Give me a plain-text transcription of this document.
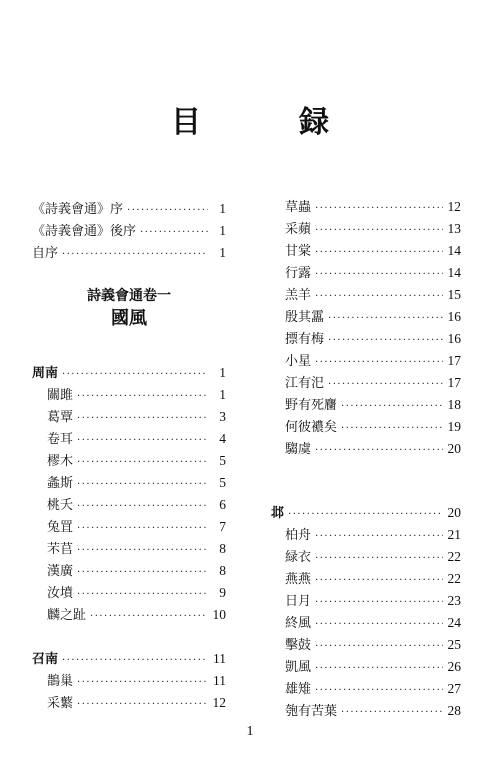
目　録
《詩義會通》序 ·····	1
《詩義會通》後序 ·····	1
自序 ·····	1
詩義會通卷一
國風
周南 ·····	1
關雎 ·····	1
葛覃 ·····	3
卷耳 ·····	4
樛木 ·····	5
螽斯 ·····	5
桃夭 ·····	6
兔罝 ·····	7
芣苢 ·····	8
漢廣 ·····	8
汝墳 ·····	9
麟之趾 ·····	10
召南 ·····	11
鵲巢 ·····	11
采蘩 ·····	12
草蟲 ·····	12
采蘋 ·····	13
甘棠 ·····	14
行露 ·····	14
羔羊 ·····	15
殷其靁 ·····	16
摽有梅 ·····	16
小星 ·····	17
江有汜 ·····	17
野有死麕 ·····	18
何彼襛矣 ·····	19
騶虞 ·····	20
邶 ·····	20
柏舟 ·····	21
緑衣 ·····	22
燕燕 ·····	22
日月 ·····	23
終風 ·····	24
擊鼓 ·····	25
凱風 ·····	26
雄雉 ·····	27
匏有苦葉 ·····	28
1
